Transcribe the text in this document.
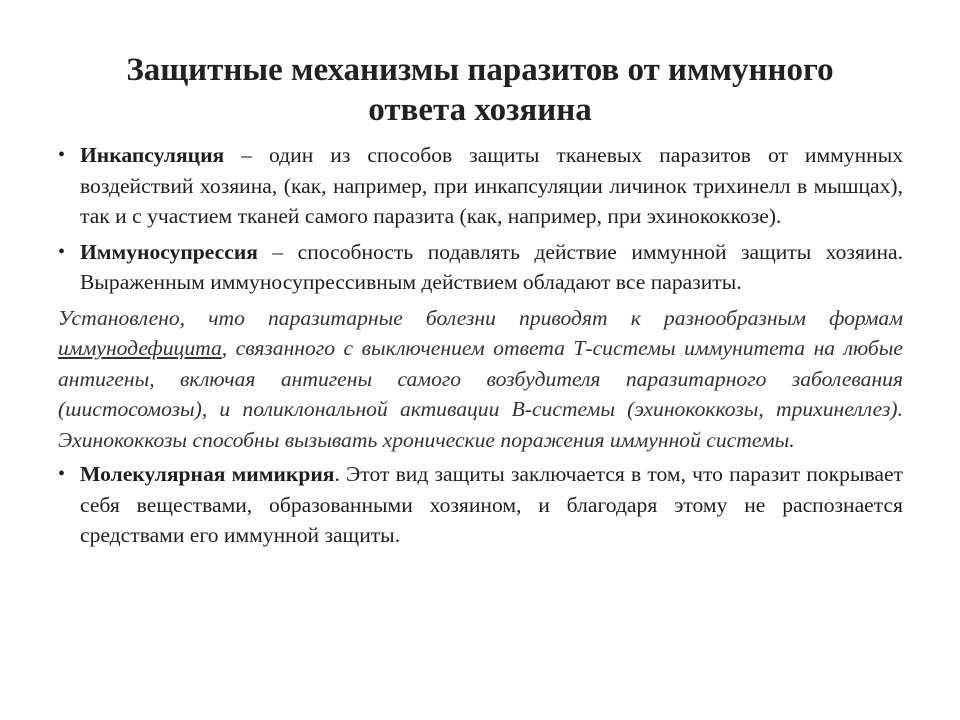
Защитные механизмы паразитов от иммунного
ответа хозяина

• Инкапсуляция – один из способов защиты тканевых паразитов от иммунных воздействий хозяина, (как, например, при инкапсуляции личинок трихинелл в мышцах), так и с участием тканей самого паразита (как, например, при эхинококкозе).

• Иммуносупрессия – способность подавлять действие иммунной защиты хозяина. Выраженным иммуносупрессивным действием обладают все паразиты.

Установлено, что паразитарные болезни приводят к разнообразным формам иммунодефицита, связанного с выключением ответа Т-системы иммунитета на любые антигены, включая антигены самого возбудителя паразитарного заболевания (шистосомозы), и поликлональной активации В-системы (эхинококкозы, трихинеллез). Эхинококкозы способны вызывать хронические поражения иммунной системы.

• Молекулярная мимикрия. Этот вид защиты заключается в том, что паразит покрывает себя веществами, образованными хозяином, и благодаря этому не распознается средствами его иммунной защиты.
